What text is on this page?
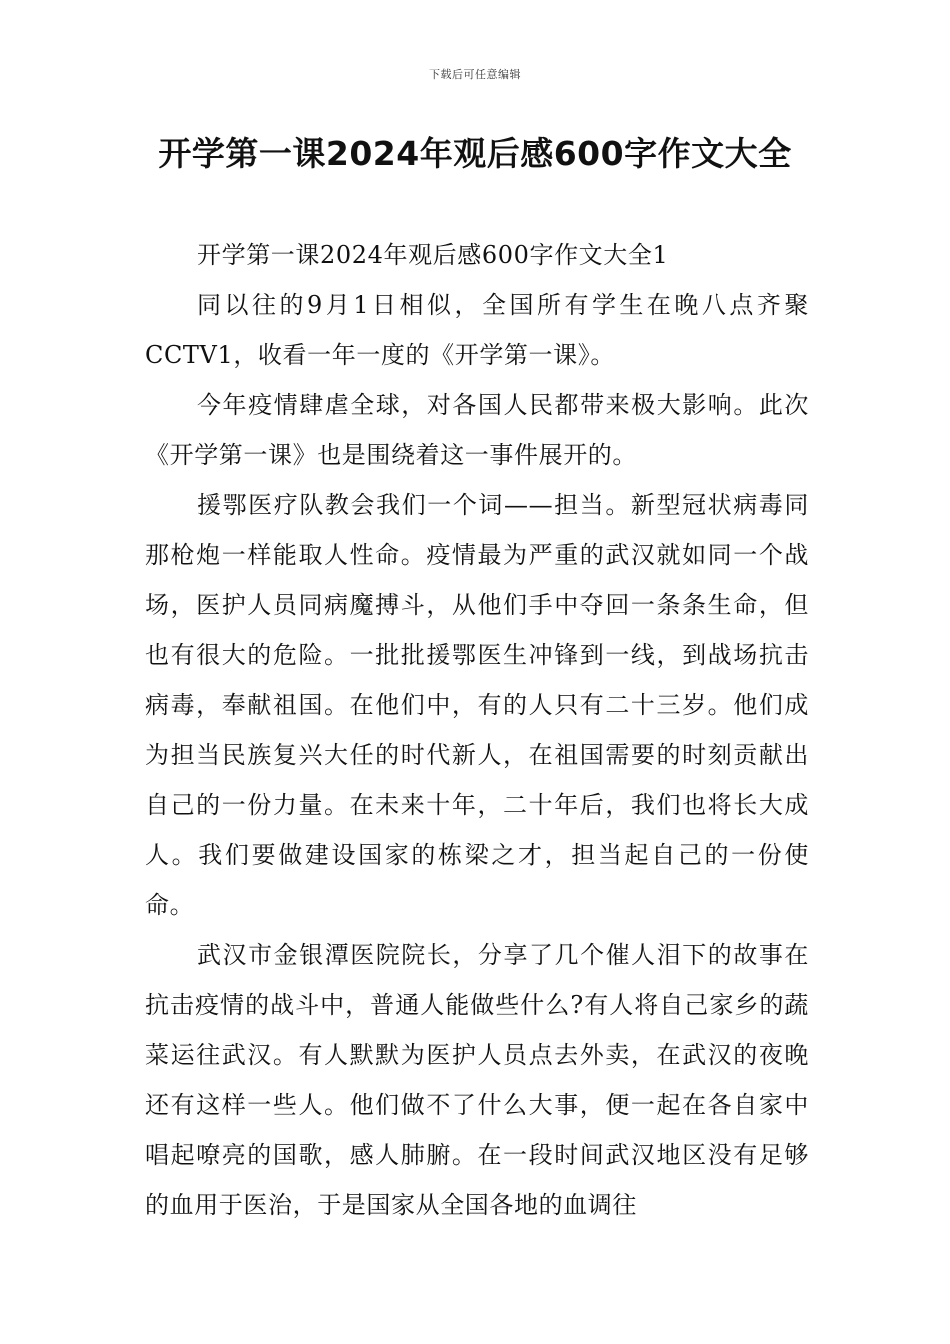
下载后可任意编辑
开学第一课2024年观后感600字作文大全

开学第一课2024年观后感600字作文大全1

同以往的9月1日相似，全国所有学生在晚八点齐聚CCTV1，收看一年一度的《开学第一课》。

今年疫情肆虐全球，对各国人民都带来极大影响。此次《开学第一课》也是围绕着这一事件展开的。

援鄂医疗队教会我们一个词——担当。新型冠状病毒同那枪炮一样能取人性命。疫情最为严重的武汉就如同一个战场，医护人员同病魔搏斗，从他们手中夺回一条条生命，但也有很大的危险。一批批援鄂医生冲锋到一线，到战场抗击病毒，奉献祖国。在他们中，有的人只有二十三岁。他们成为担当民族复兴大任的时代新人，在祖国需要的时刻贡献出自己的一份力量。在未来十年，二十年后，我们也将长大成人。我们要做建设国家的栋梁之才，担当起自己的一份使命。

武汉市金银潭医院院长，分享了几个催人泪下的故事在抗击疫情的战斗中，普通人能做些什么?有人将自己家乡的蔬菜运往武汉。有人默默为医护人员点去外卖，在武汉的夜晚还有这样一些人。他们做不了什么大事，便一起在各自家中唱起嘹亮的国歌，感人肺腑。在一段时间武汉地区没有足够的血用于医治，于是国家从全国各地的血调往
